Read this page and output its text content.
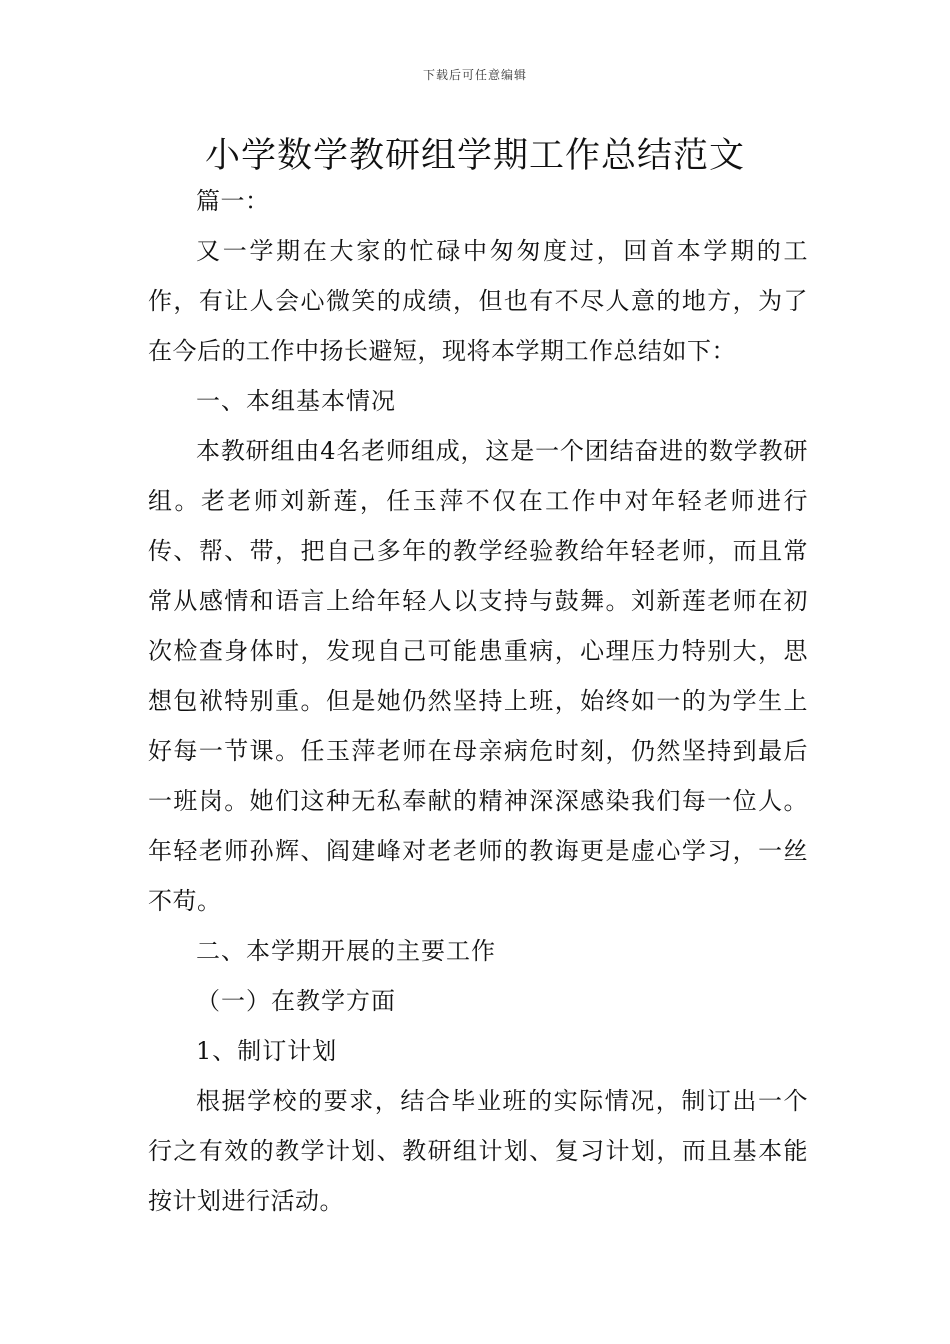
下载后可任意编辑
小学数学教研组学期工作总结范文

篇一：

又一学期在大家的忙碌中匆匆度过，回首本学期的工作，有让人会心微笑的成绩，但也有不尽人意的地方，为了在今后的工作中扬长避短，现将本学期工作总结如下：

一、本组基本情况

本教研组由4名老师组成，这是一个团结奋进的数学教研组。老老师刘新莲，任玉萍不仅在工作中对年轻老师进行传、帮、带，把自己多年的教学经验教给年轻老师，而且常常从感情和语言上给年轻人以支持与鼓舞。刘新莲老师在初次检查身体时，发现自己可能患重病，心理压力特别大，思想包袱特别重。但是她仍然坚持上班，始终如一的为学生上好每一节课。任玉萍老师在母亲病危时刻，仍然坚持到最后一班岗。她们这种无私奉献的精神深深感染我们每一位人。年轻老师孙辉、阎建峰对老老师的教诲更是虚心学习，一丝不苟。

二、本学期开展的主要工作

（一）在教学方面

1、制订计划

根据学校的要求，结合毕业班的实际情况，制订出一个行之有效的教学计划、教研组计划、复习计划，而且基本能按计划进行活动。
